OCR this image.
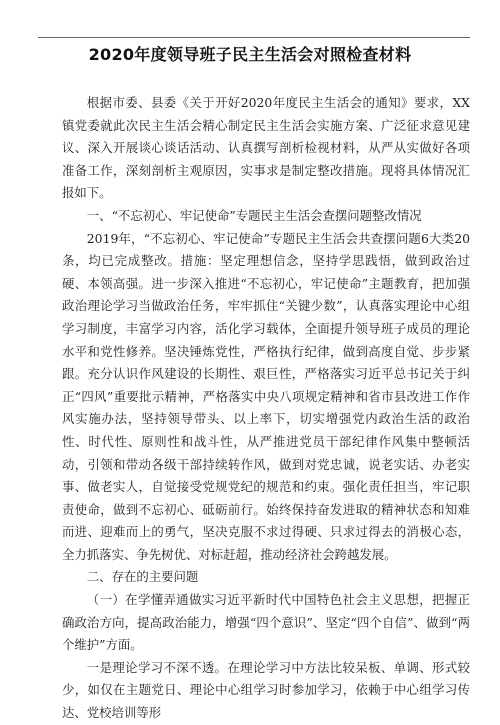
2020年度领导班子民主生活会对照检查材料

根据市委、县委《关于开好2020年度民主生活会的通知》要求，XX镇党委就此次民主生活会精心制定民主生活会实施方案、广泛征求意见建议、深入开展谈心谈话活动、认真撰写剖析检视材料，从严从实做好各项准备工作，深刻剖析主观原因，实事求是制定整改措施。现将具体情况汇报如下。

一、“不忘初心、牢记使命”专题民主生活会查摆问题整改情况

2019年，“不忘初心、牢记使命”专题民主生活会共查摆问题6大类20条，均已完成整改。措施：坚定理想信念，坚持学思践悟，做到政治过硬、本领高强。进一步深入推进“不忘初心，牢记使命”主题教育，把加强政治理论学习当做政治任务，牢牢抓住“关键少数”，认真落实理论中心组学习制度，丰富学习内容，活化学习载体，全面提升领导班子成员的理论水平和党性修养。坚决锤炼党性，严格执行纪律，做到高度自觉、步步紧跟。充分认识作风建设的长期性、艰巨性，严格落实习近平总书记关于纠正“四风”重要批示精神，严格落实中央八项规定精神和省市县改进工作作风实施办法，坚持领导带头、以上率下，切实增强党内政治生活的政治性、时代性、原则性和战斗性，从严推进党员干部纪律作风集中整顿活动，引领和带动各级干部持续转作风，做到对党忠诚，说老实话、办老实事、做老实人，自觉接受党规党纪的规范和约束。强化责任担当，牢记职责使命，做到不忘初心、砥砺前行。始终保持奋发进取的精神状态和知难而进、迎难而上的勇气，坚决克服不求过得硬、只求过得去的消极心态，全力抓落实、争先树优、对标赶超，推动经济社会跨越发展。

二、存在的主要问题

（一）在学懂弄通做实习近平新时代中国特色社会主义思想，把握正确政治方向，提高政治能力，增强“四个意识”、坚定“四个自信”、做到“两个维护”方面。

一是理论学习不深不透。在理论学习中方法比较呆板、单调、形式较少，如仅在主题党日、理论中心组学习时参加学习，依赖于中心组学习传达、党校培训等形
